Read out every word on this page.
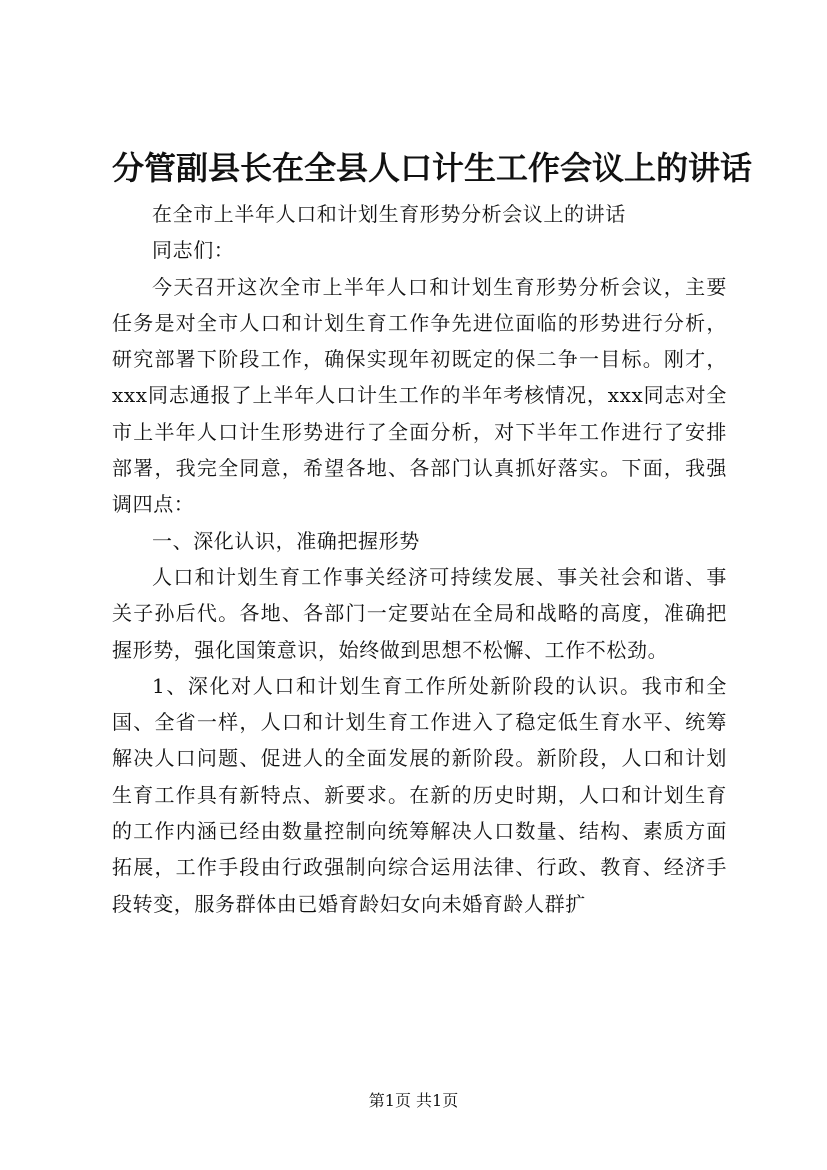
分管副县长在全县人口计生工作会议上的讲话

在全市上半年人口和计划生育形势分析会议上的讲话

同志们：

今天召开这次全市上半年人口和计划生育形势分析会议，主要任务是对全市人口和计划生育工作争先进位面临的形势进行分析，研究部署下阶段工作，确保实现年初既定的保二争一目标。刚才，xxx同志通报了上半年人口计生工作的半年考核情况，xxx同志对全市上半年人口计生形势进行了全面分析，对下半年工作进行了安排部署，我完全同意，希望各地、各部门认真抓好落实。下面，我强调四点：

一、深化认识，准确把握形势

人口和计划生育工作事关经济可持续发展、事关社会和谐、事关子孙后代。各地、各部门一定要站在全局和战略的高度，准确把握形势，强化国策意识，始终做到思想不松懈、工作不松劲。

1、深化对人口和计划生育工作所处新阶段的认识。我市和全国、全省一样，人口和计划生育工作进入了稳定低生育水平、统筹解决人口问题、促进人的全面发展的新阶段。新阶段，人口和计划生育工作具有新特点、新要求。在新的历史时期，人口和计划生育的工作内涵已经由数量控制向统筹解决人口数量、结构、素质方面拓展，工作手段由行政强制向综合运用法律、行政、教育、经济手段转变，服务群体由已婚育龄妇女向未婚育龄人群扩

第1页 共1页
